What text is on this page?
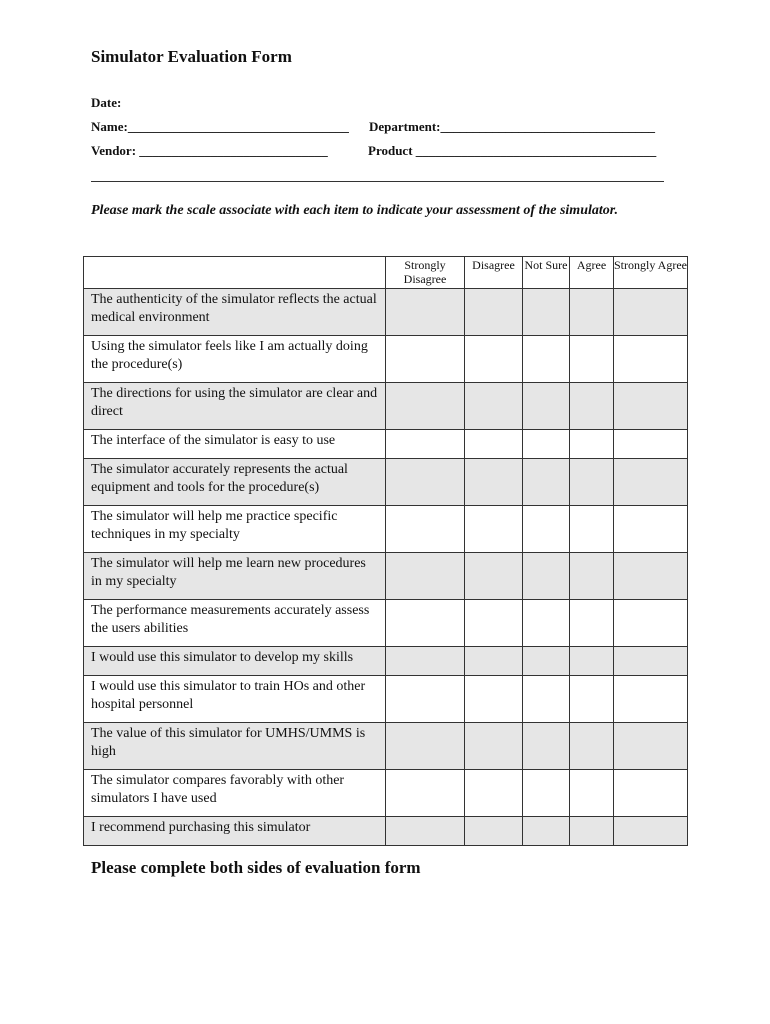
Simulator Evaluation Form
Date:
Name:__________________________________ Department:_________________________________
Vendor: _____________________________	Product _____________________________________
Please mark the scale associate with each item to indicate your assessment of the simulator.
	Strongly Disagree	Disagree	Not Sure	Agree	Strongly Agree
The authenticity of the simulator reflects the actual medical environment					
Using the simulator feels like I am actually doing the procedure(s)					
The directions for using the simulator are clear and direct					
The interface of the simulator is easy to use					
The simulator accurately represents the actual equipment and tools for the procedure(s)					
The simulator will help me practice specific techniques in my specialty					
The simulator will help me learn new procedures in my specialty					
The performance measurements accurately assess the users abilities					
I would use this simulator to develop my skills					
I would use this simulator to train HOs and other hospital personnel					
The value of this simulator for UMHS/UMMS is high					
The simulator compares favorably with other simulators I have used					
I recommend purchasing this simulator					
Please complete both sides of evaluation form
